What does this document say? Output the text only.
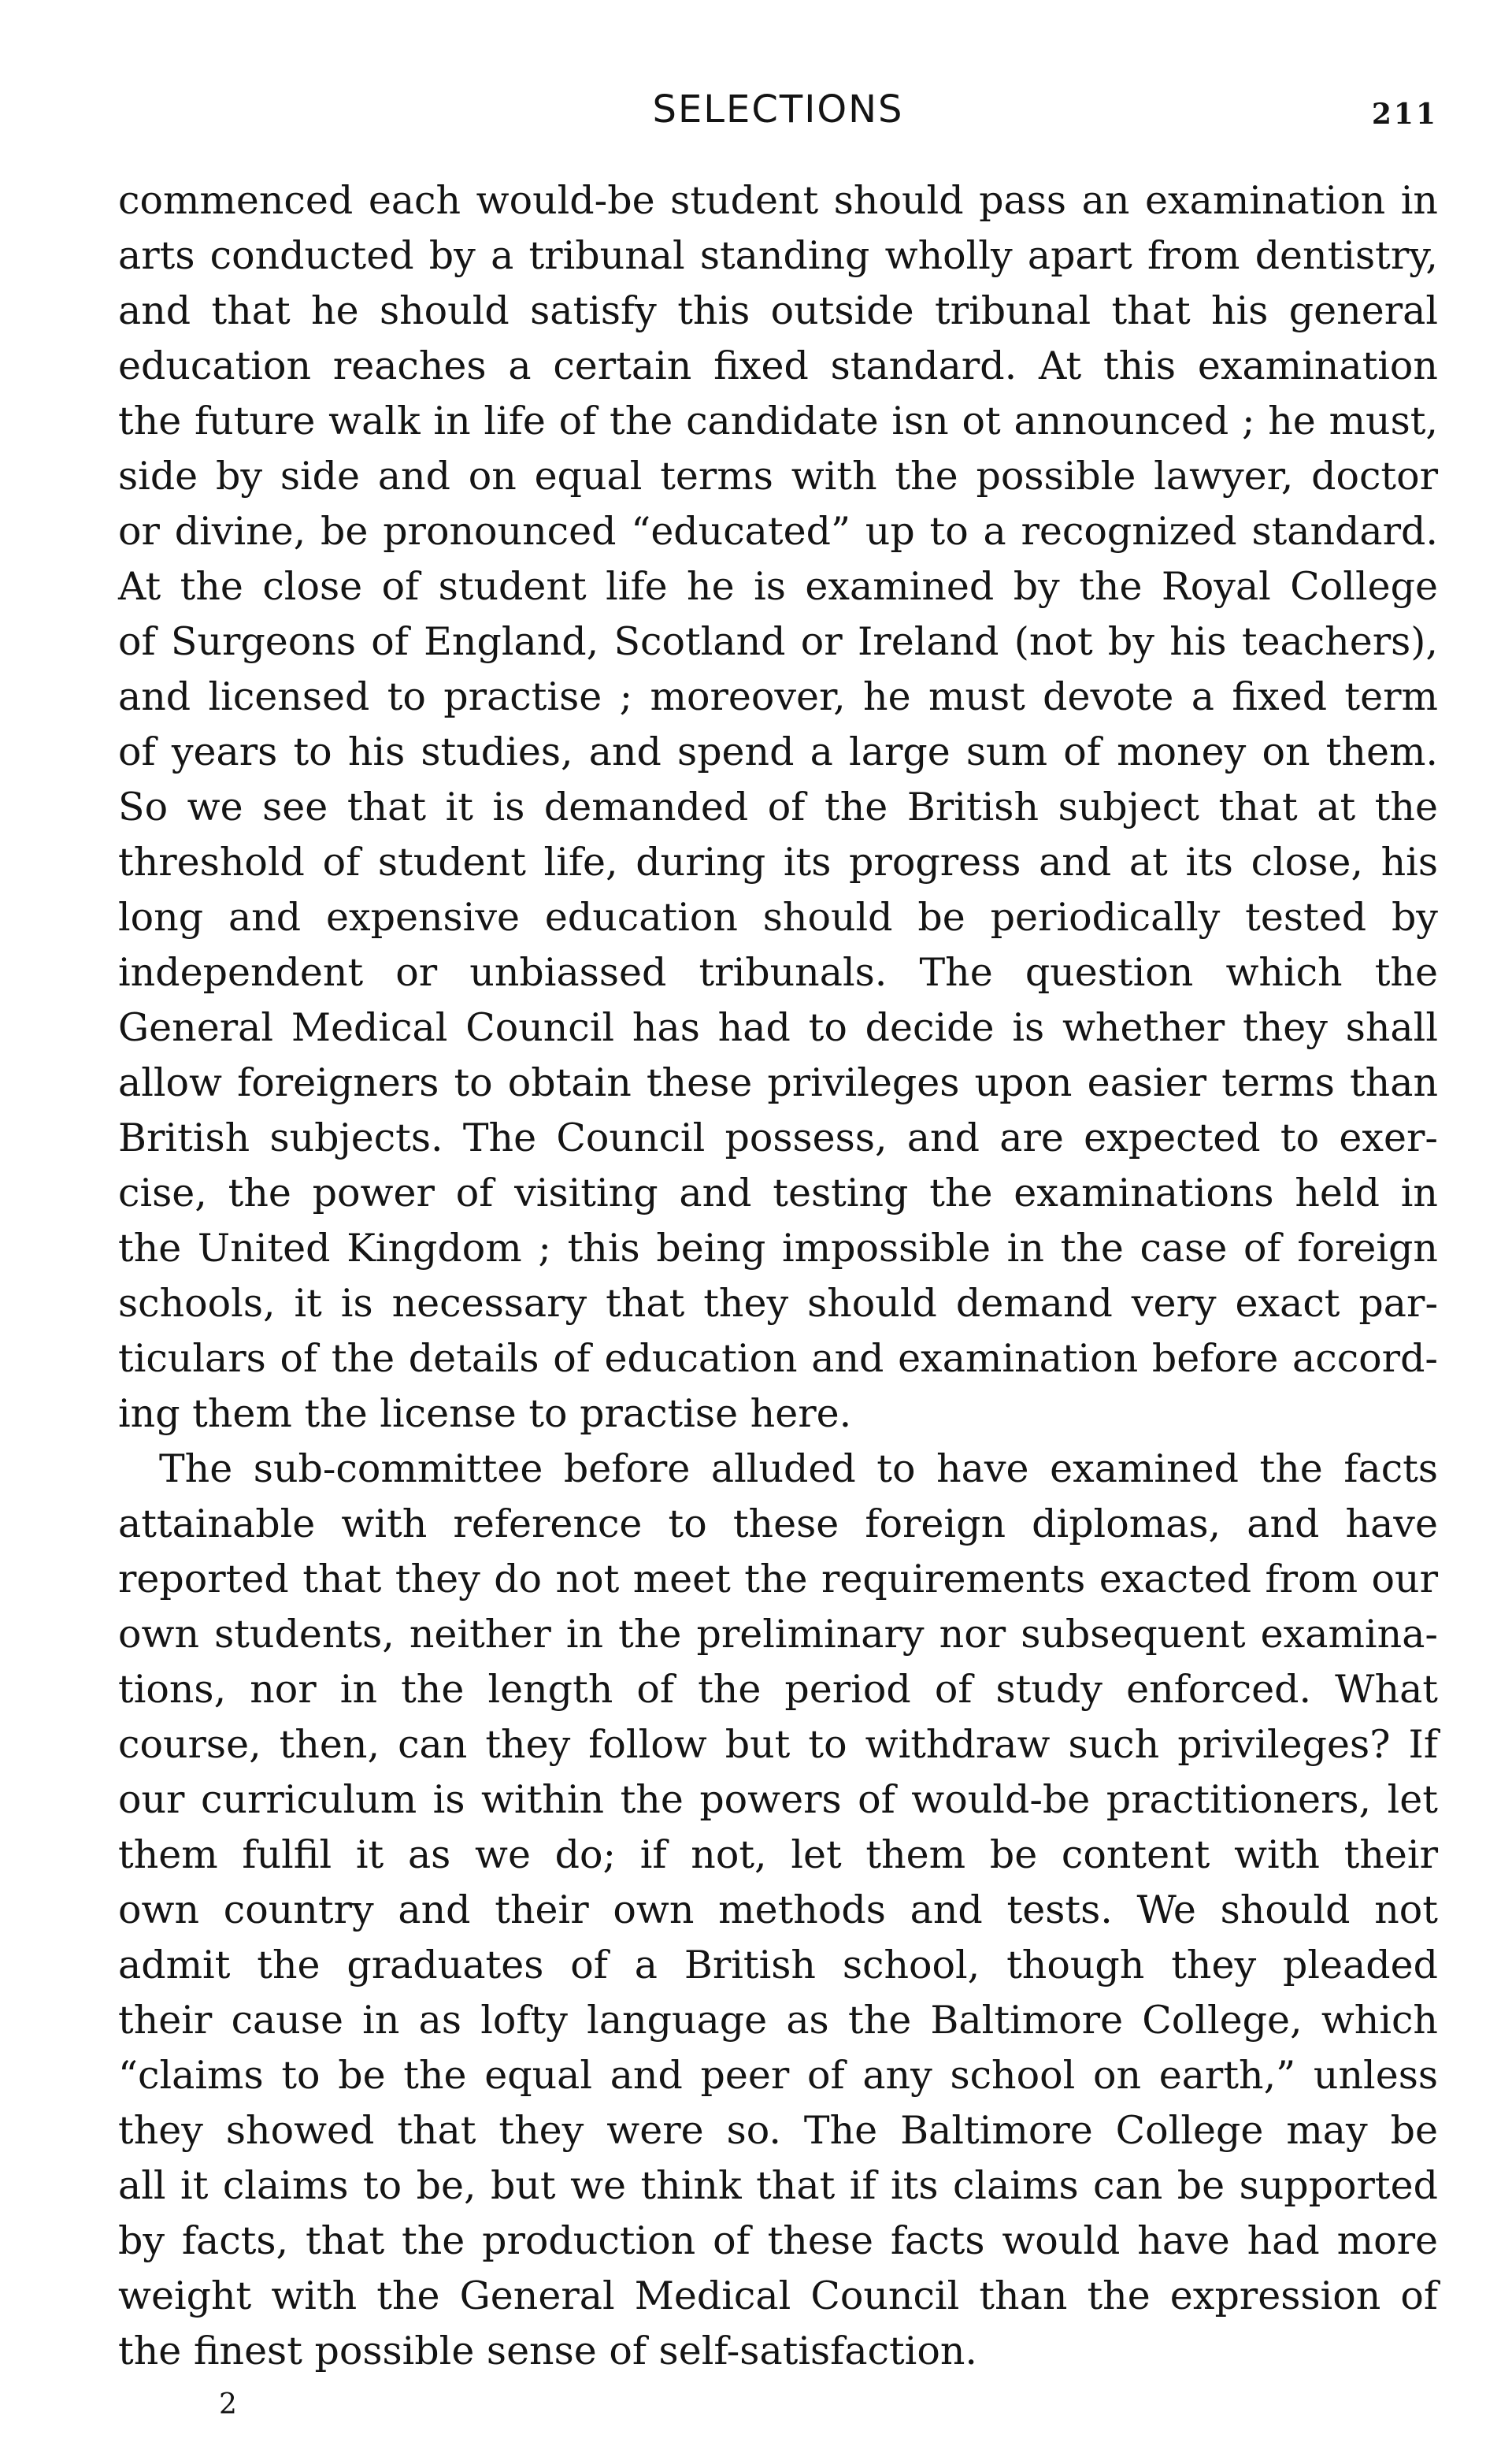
SELECTIONS	211
commenced each would-be student should pass an examination in
arts conducted by a tribunal standing wholly apart from dentistry,
and that he should satisfy this outside tribunal that his general
education reaches a certain fixed standard. At this examination
the future walk in life of the candidate isn ot announced ; he must,
side by side and on equal terms with the possible lawyer, doctor
or divine, be pronounced “educated” up to a recognized standard.
At the close of student life he is examined by the Royal College
of Surgeons of England, Scotland or Ireland (not by his teachers),
and licensed to practise ; moreover, he must devote a fixed term
of years to his studies, and spend a large sum of money on them.
So we see that it is demanded of the British subject that at the
threshold of student life, during its progress and at its close, his
long and expensive education should be periodically tested by
independent or unbiassed tribunals. The question which the
General Medical Council has had to decide is whether they shall
allow foreigners to obtain these privileges upon easier terms than
British subjects. The Council possess, and are expected to exer-
cise, the power of visiting and testing the examinations held in
the United Kingdom ; this being impossible in the case of foreign
schools, it is necessary that they should demand very exact par-
ticulars of the details of education and examination before accord-
ing them the license to practise here.
The sub-committee before alluded to have examined the facts
attainable with reference to these foreign diplomas, and have
reported that they do not meet the requirements exacted from our
own students, neither in the preliminary nor subsequent examina-
tions, nor in the length of the period of study enforced. What
course, then, can they follow but to withdraw such privileges? If
our curriculum is within the powers of would-be practitioners, let
them fulfil it as we do; if not, let them be content with their
own country and their own methods and tests. We should not
admit the graduates of a British school, though they pleaded
their cause in as lofty language as the Baltimore College, which
“claims to be the equal and peer of any school on earth,” unless
they showed that they were so. The Baltimore College may be
all it claims to be, but we think that if its claims can be supported
by facts, that the production of these facts would have had more
weight with the General Medical Council than the expression of
the finest possible sense of self-satisfaction.
2
